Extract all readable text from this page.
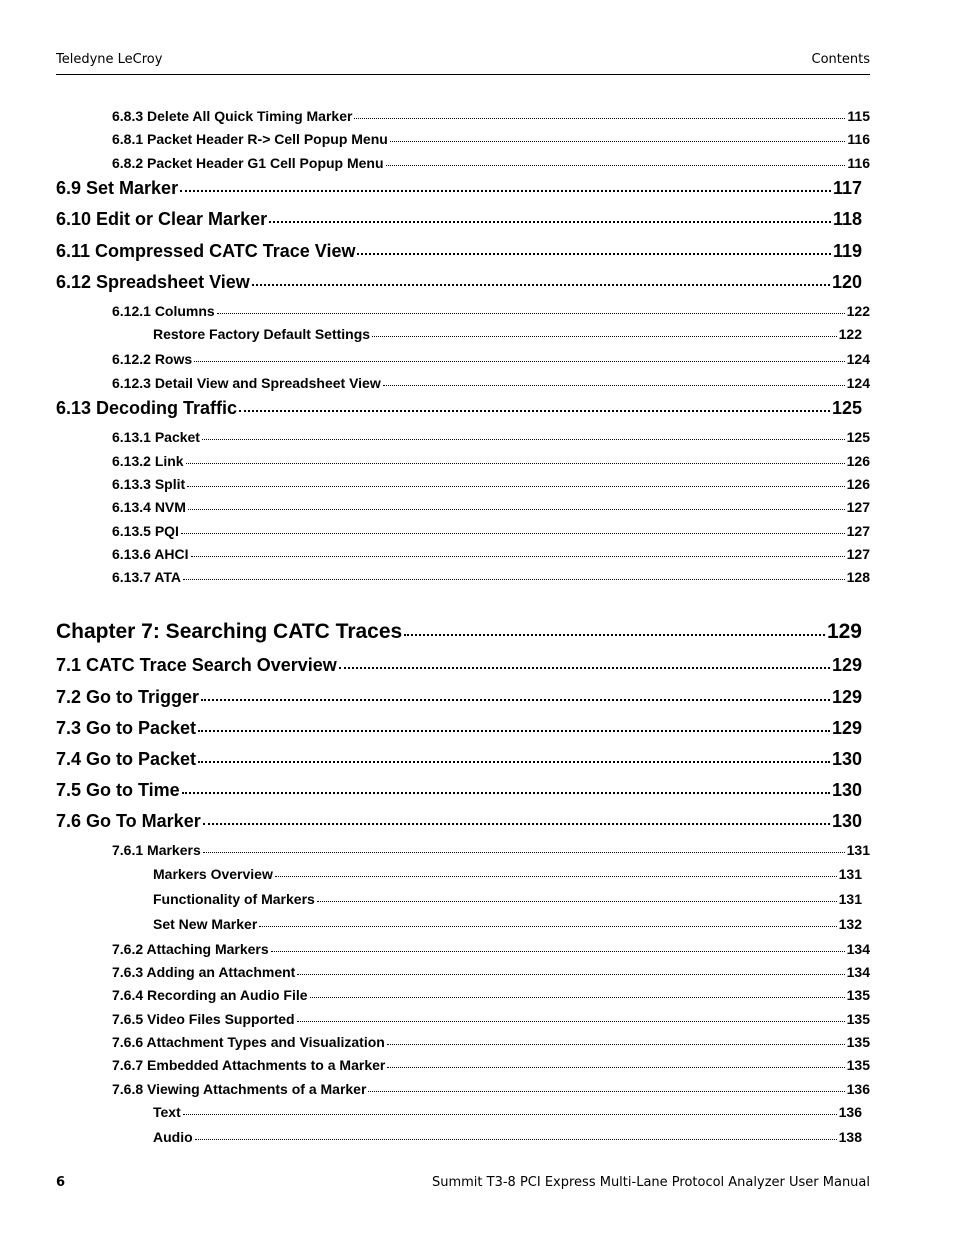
Teledyne LeCroy	Contents
6.8.3 Delete All Quick Timing Marker	115
6.8.1 Packet Header R-> Cell Popup Menu	116
6.8.2 Packet Header G1 Cell Popup Menu	116
6.9 Set Marker	117
6.10 Edit or Clear Marker	118
6.11 Compressed CATC Trace View	119
6.12 Spreadsheet View	120
6.12.1 Columns	122
Restore Factory Default Settings	122
6.12.2 Rows	124
6.12.3 Detail View and Spreadsheet View	124
6.13 Decoding Traffic	125
6.13.1 Packet	125
6.13.2 Link	126
6.13.3 Split	126
6.13.4 NVM	127
6.13.5 PQI	127
6.13.6 AHCI	127
6.13.7 ATA	128
Chapter 7: Searching CATC Traces	129
7.1 CATC Trace Search Overview	129
7.2 Go to Trigger	129
7.3 Go to Packet	129
7.4 Go to Packet	130
7.5 Go to Time	130
7.6 Go To Marker	130
7.6.1 Markers	131
Markers Overview	131
Functionality of Markers	131
Set New Marker	132
7.6.2 Attaching Markers	134
7.6.3 Adding an Attachment	134
7.6.4 Recording an Audio File	135
7.6.5 Video Files Supported	135
7.6.6 Attachment Types and Visualization	135
7.6.7 Embedded Attachments to a Marker	135
7.6.8 Viewing Attachments of a Marker	136
Text	136
Audio	138
6	Summit T3-8 PCI Express Multi-Lane Protocol Analyzer User Manual
